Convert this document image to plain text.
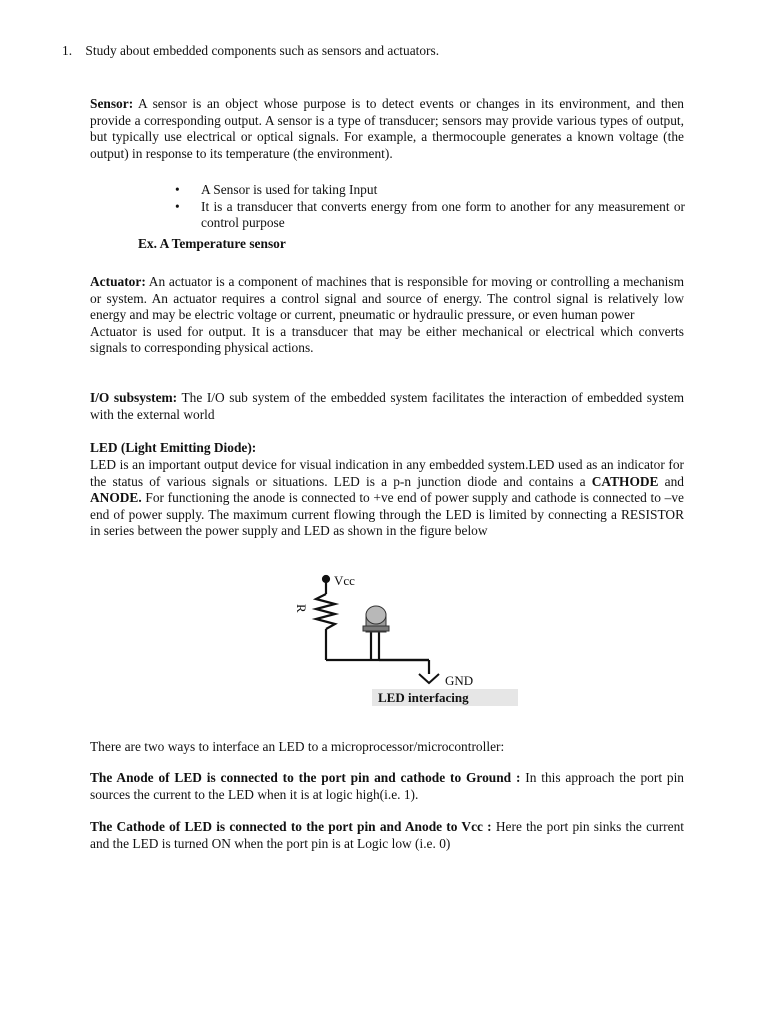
1. Study about embedded components such as sensors and actuators.
Sensor: A sensor is an object whose purpose is to detect events or changes in its environment, and then provide a corresponding output. A sensor is a type of transducer; sensors may provide various types of output, but typically use electrical or optical signals. For example, a thermocouple generates a known voltage (the output) in response to its temperature (the environment).
• A Sensor is used for taking Input
• It is a transducer that converts energy from one form to another for any measurement or control purpose
Ex. A Temperature sensor
Actuator: An actuator is a component of machines that is responsible for moving or controlling a mechanism or system. An actuator requires a control signal and source of energy. The control signal is relatively low energy and may be electric voltage or current, pneumatic or hydraulic pressure, or even human power
Actuator is used for output. It is a transducer that may be either mechanical or electrical which converts signals to corresponding physical actions.
I/O subsystem: The I/O sub system of the embedded system facilitates the interaction of embedded system with the external world
LED (Light Emitting Diode):
LED is an important output device for visual indication in any embedded system.LED used as an indicator for the status of various signals or situations. LED is a p-n junction diode and contains a CATHODE and ANODE. For functioning the anode is connected to +ve end of power supply and cathode is connected to –ve end of power supply. The maximum current flowing through the LED is limited by connecting a RESISTOR in series between the power supply and LED as shown in the figure below
Vcc
R
GND
LED interfacing
There are two ways to interface an LED to a microprocessor/microcontroller:
The Anode of LED is connected to the port pin and cathode to Ground : In this approach the port pin sources the current to the LED when it is at logic high(i.e. 1).
The Cathode of LED is connected to the port pin and Anode to Vcc : Here the port pin sinks the current and the LED is turned ON when the port pin is at Logic low (i.e. 0)
